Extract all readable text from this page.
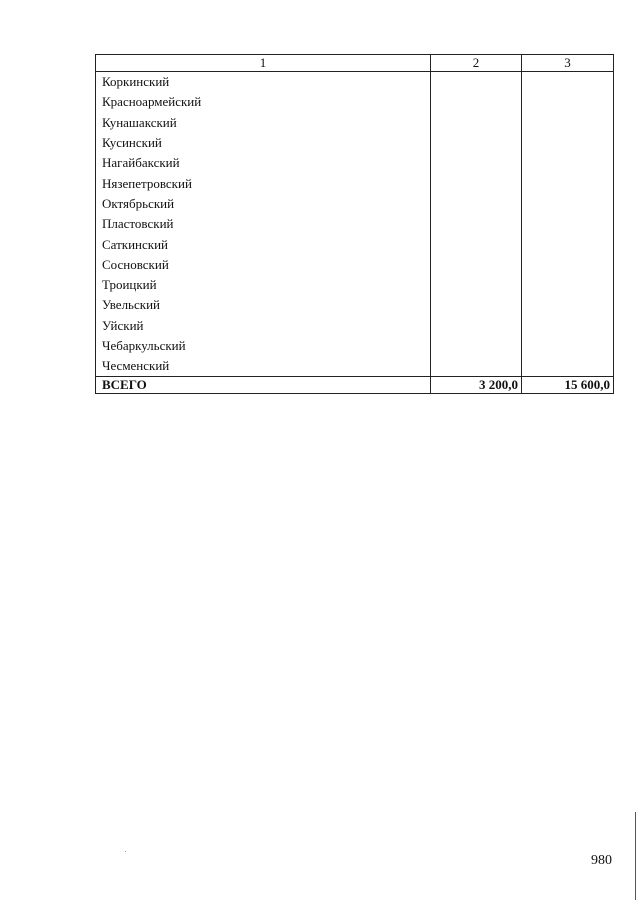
1	2	3
Коркинский		
Красноармейский		
Кунашакский		
Кусинский		
Нагайбакский		
Нязепетровский		
Октябрьский		
Пластовский		
Саткинский		
Сосновский		
Троицкий		
Увельский		
Уйский		
Чебаркульский		
Чесменский		
ВСЕГО	3 200,0	15 600,0
980
